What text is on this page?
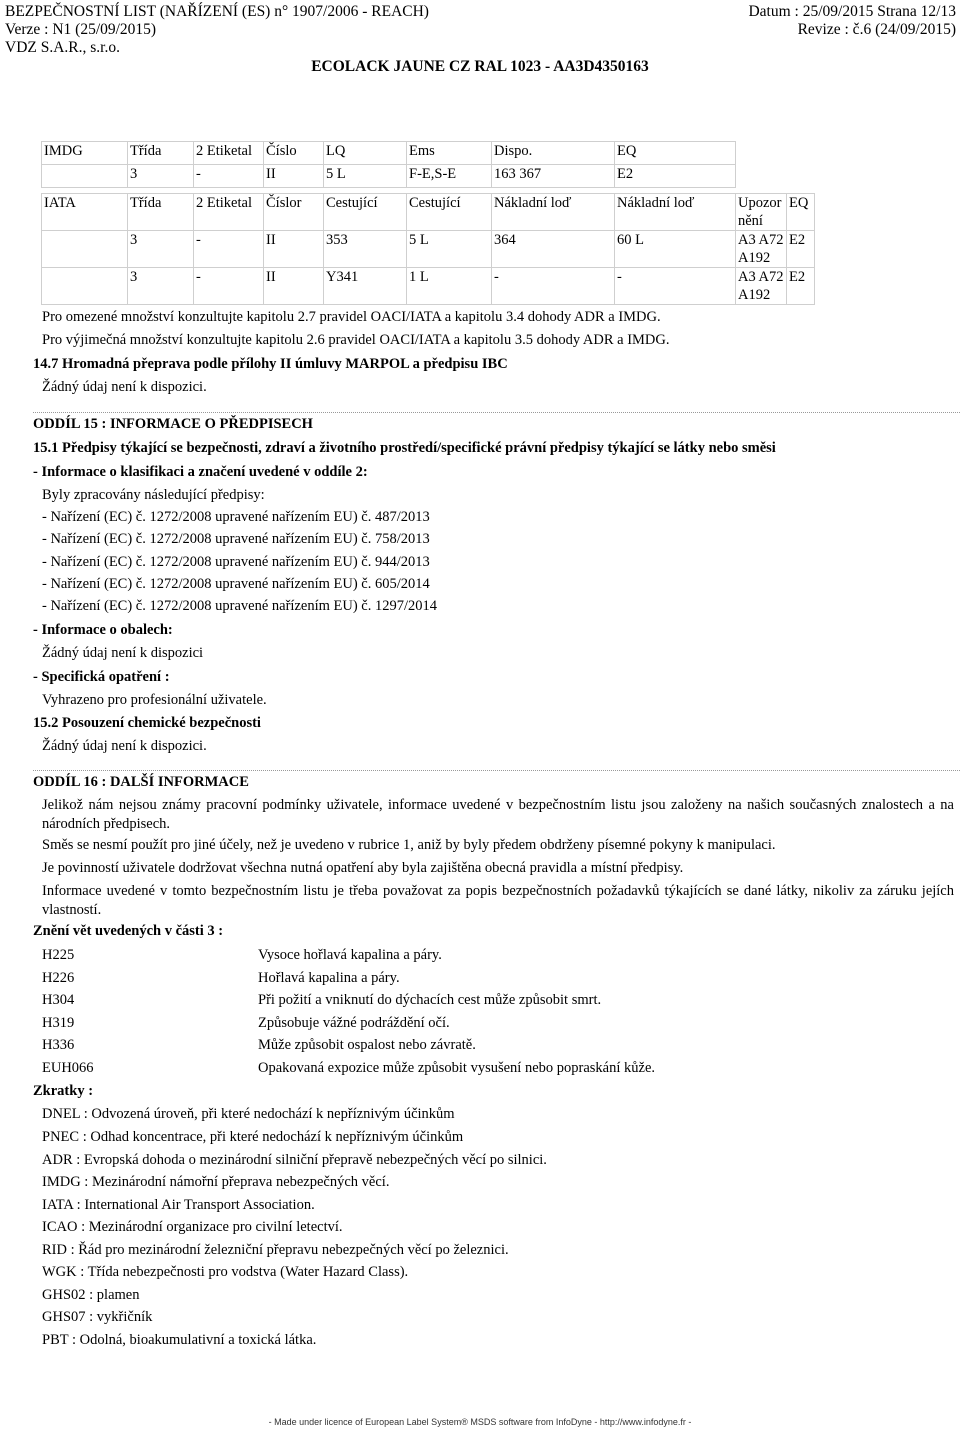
BEZPEČNOSTNÍ LIST (NAŘÍZENÍ (ES) n° 1907/2006 - REACH)
Verze : N1 (25/09/2015)
VDZ S.A.R., s.r.o.
Datum : 25/09/2015 Strana 12/13
Revize : č.6 (24/09/2015)
ECOLACK JAUNE CZ RAL 1023 - AA3D4350163
IMDG	Třída	2 Etiketal	Číslo	LQ	Ems	Dispo.	EQ
	3	-	II	5 L	F-E,S-E	163 367	E2
IATA	Třída	2 Etiketal	Číslor	Cestující	Cestující	Nákladní loď	Nákladní loď	Upozornění	EQ
	3	-	II	353	5 L	364	60 L	A3 A72 A192	E2
	3	-	II	Y341	1 L	-	-	A3 A72 A192	E2
Pro omezené množství konzultujte kapitolu 2.7 pravidel OACI/IATA a kapitolu 3.4 dohody ADR a IMDG.
Pro výjimečná množství konzultujte kapitolu 2.6 pravidel OACI/IATA a kapitolu 3.5 dohody ADR a IMDG.
14.7 Hromadná přeprava podle přílohy II úmluvy MARPOL a předpisu IBC
Žádný údaj není k dispozici.
ODDÍL 15 : INFORMACE O PŘEDPISECH
15.1 Předpisy týkající se bezpečnosti, zdraví a životního prostředí/specifické právní předpisy týkající se látky nebo směsi
- Informace o klasifikaci a značení uvedené v oddíle 2:
Byly zpracovány následující předpisy:
- Nařízení (EC) č. 1272/2008 upravené nařízením EU) č. 487/2013
- Nařízení (EC) č. 1272/2008 upravené nařízením EU) č. 758/2013
- Nařízení (EC) č. 1272/2008 upravené nařízením EU) č. 944/2013
- Nařízení (EC) č. 1272/2008 upravené nařízením EU) č. 605/2014
- Nařízení (EC) č. 1272/2008 upravené nařízením EU) č. 1297/2014
- Informace o obalech:
Žádný údaj není k dispozici
- Specifická opatření :
Vyhrazeno pro profesionální uživatele.
15.2 Posouzení chemické bezpečnosti
Žádný údaj není k dispozici.
ODDÍL 16 : DALŠÍ INFORMACE
Jelikož nám nejsou známy pracovní podmínky uživatele, informace uvedené v bezpečnostním listu jsou založeny na našich současných znalostech a na národních předpisech.
Směs se nesmí použít pro jiné účely, než je uvedeno v rubrice 1, aniž by byly předem obdrženy písemné pokyny k manipulaci.
Je povinností uživatele dodržovat všechna nutná opatření aby byla zajištěna obecná pravidla a místní předpisy.
Informace uvedené v tomto bezpečnostním listu je třeba považovat za popis bezpečnostních požadavků týkajících se dané látky, nikoliv za záruku jejích vlastností.
Znění vět uvedených v části 3 :
H225	Vysoce hořlavá kapalina a páry.
H226	Hořlavá kapalina a páry.
H304	Při požití a vniknutí do dýchacích cest může způsobit smrt.
H319	Způsobuje vážné podráždění očí.
H336	Může způsobit ospalost nebo závratě.
EUH066	Opakovaná expozice může způsobit vysušení nebo popraskání kůže.
Zkratky :
DNEL : Odvozená úroveň, při které nedochází k nepříznivým účinkům
PNEC : Odhad koncentrace, při které nedochází k nepříznivým účinkům
ADR : Evropská dohoda o mezinárodní silniční přepravě nebezpečných věcí po silnici.
IMDG : Mezinárodní námořní přeprava nebezpečných věcí.
IATA : International Air Transport Association.
ICAO : Mezinárodní organizace pro civilní letectví.
RID : Řád pro mezinárodní železniční přepravu nebezpečných věcí po železnici.
WGK : Třída nebezpečnosti pro vodstva (Water Hazard Class).
GHS02 : plamen
GHS07 : vykřičník
PBT : Odolná, bioakumulativní a toxická látka.
- Made under licence of European Label System® MSDS software from InfoDyne - http://www.infodyne.fr -
